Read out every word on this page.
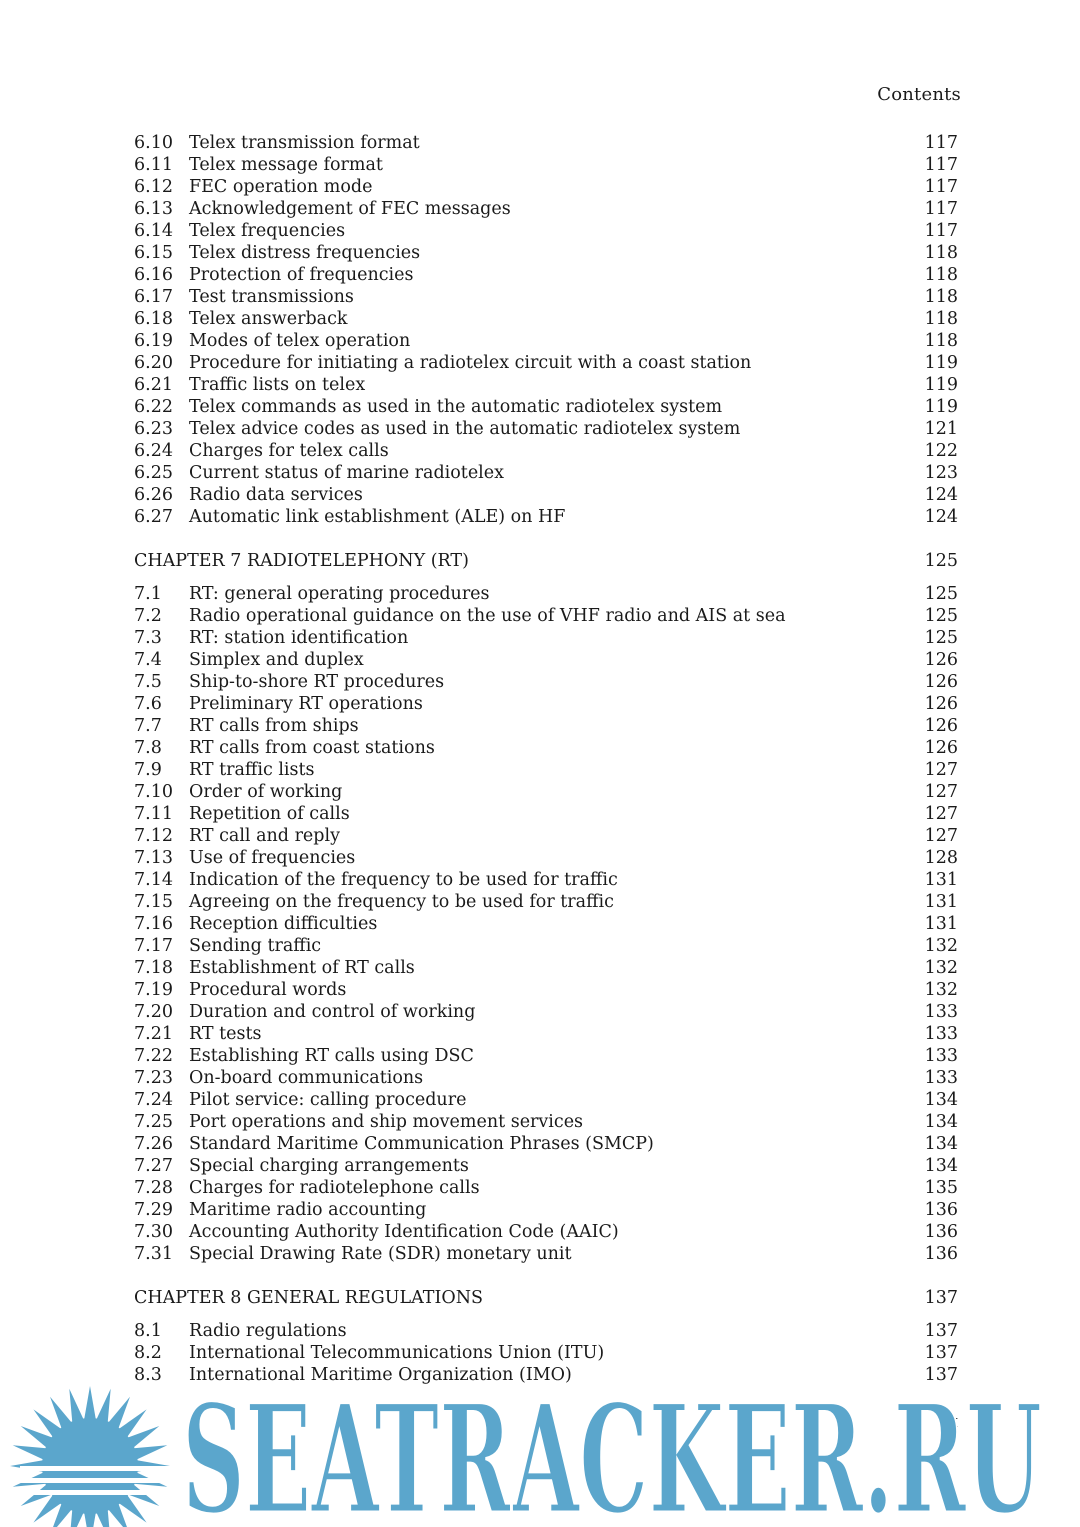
Contents
6.10 Telex transmission format	117
6.11 Telex message format	117
6.12 FEC operation mode	117
6.13 Acknowledgement of FEC messages	117
6.14 Telex frequencies	117
6.15 Telex distress frequencies	118
6.16 Protection of frequencies	118
6.17 Test transmissions	118
6.18 Telex answerback	118
6.19 Modes of telex operation	118
6.20 Procedure for initiating a radiotelex circuit with a coast station	119
6.21 Traffic lists on telex	119
6.22 Telex commands as used in the automatic radiotelex system	119
6.23 Telex advice codes as used in the automatic radiotelex system	121
6.24 Charges for telex calls	122
6.25 Current status of marine radiotelex	123
6.26 Radio data services	124
6.27 Automatic link establishment (ALE) on HF	124
CHAPTER 7 RADIOTELEPHONY (RT)	125
7.1 RT: general operating procedures	125
7.2 Radio operational guidance on the use of VHF radio and AIS at sea	125
7.3 RT: station identification	125
7.4 Simplex and duplex	126
7.5 Ship-to-shore RT procedures	126
7.6 Preliminary RT operations	126
7.7 RT calls from ships	126
7.8 RT calls from coast stations	126
7.9 RT traffic lists	127
7.10 Order of working	127
7.11 Repetition of calls	127
7.12 RT call and reply	127
7.13 Use of frequencies	128
7.14 Indication of the frequency to be used for traffic	131
7.15 Agreeing on the frequency to be used for traffic	131
7.16 Reception difficulties	131
7.17 Sending traffic	132
7.18 Establishment of RT calls	132
7.19 Procedural words	132
7.20 Duration and control of working	133
7.21 RT tests	133
7.22 Establishing RT calls using DSC	133
7.23 On-board communications	133
7.24 Pilot service: calling procedure	134
7.25 Port operations and ship movement services	134
7.26 Standard Maritime Communication Phrases (SMCP)	134
7.27 Special charging arrangements	134
7.28 Charges for radiotelephone calls	135
7.29 Maritime radio accounting	136
7.30 Accounting Authority Identification Code (AAIC)	136
7.31 Special Drawing Rate (SDR) monetary unit	136
CHAPTER 8 GENERAL REGULATIONS	137
8.1 Radio regulations	137
8.2 International Telecommunications Union (ITU)	137
8.3 International Maritime Organization (IMO)	137
ix
SEATRACKER.RU
